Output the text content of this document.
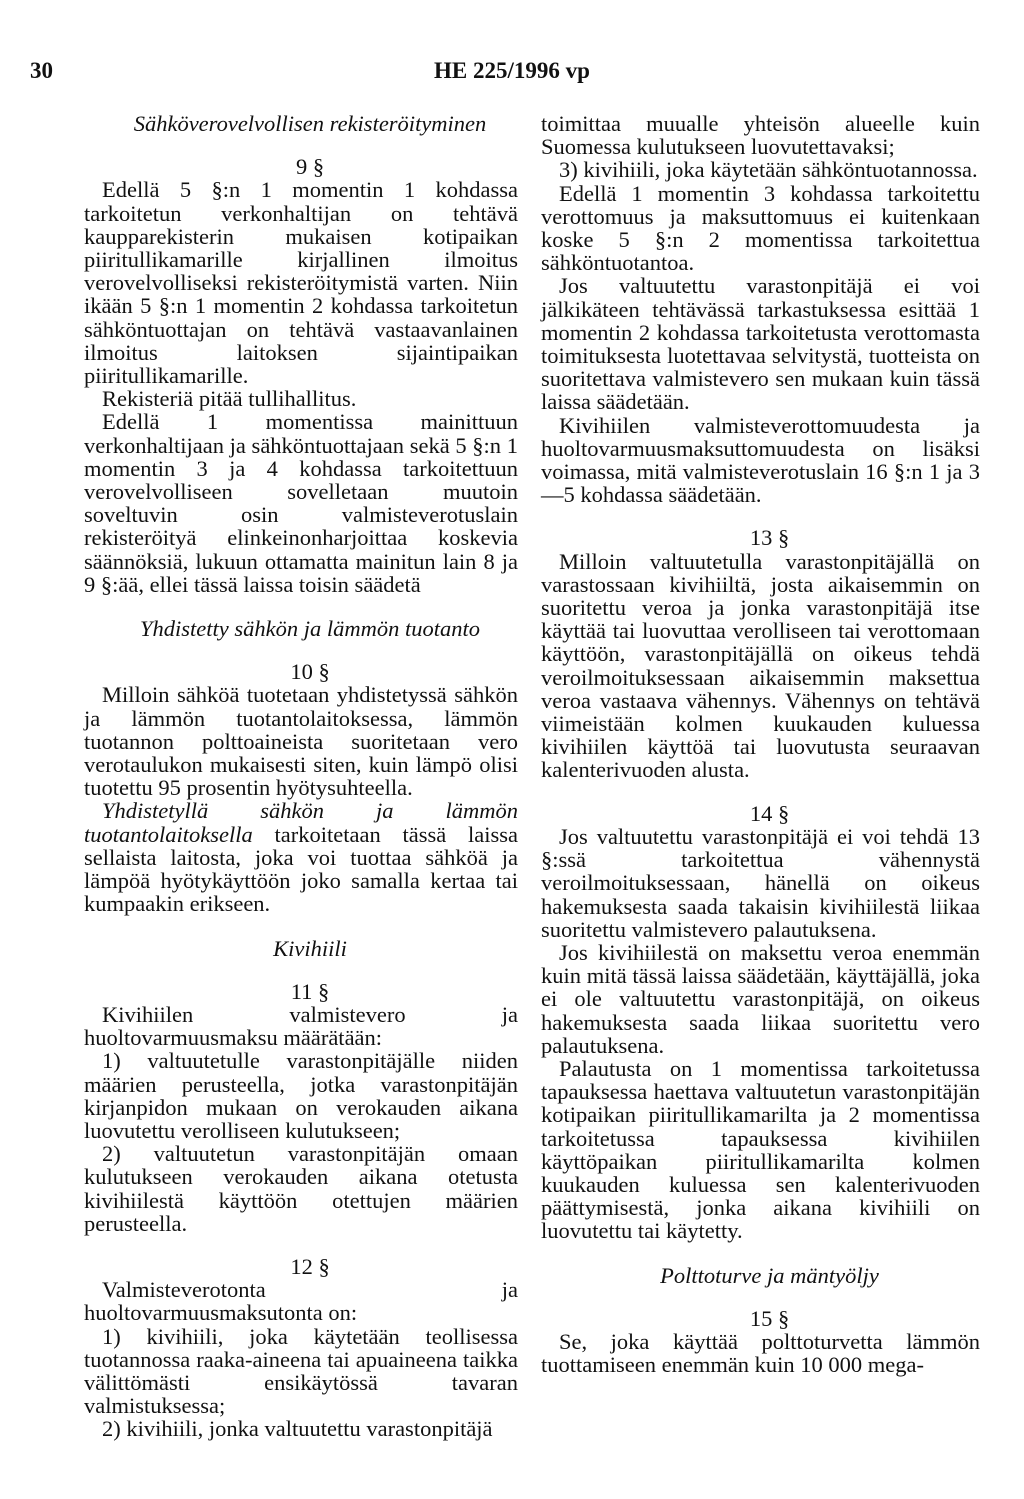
30	HE 225/1996 vp

Sähköverovelvollisen rekisteröityminen

9 §

Edellä 5 §:n 1 momentin 1 kohdassa tarkoitetun verkonhaltijan on tehtävä kaupparekisterin mukaisen kotipaikan piiritullikamarille kirjallinen ilmoitus verovelvolliseksi rekisteröitymistä varten. Niin ikään 5 §:n 1 momentin 2 kohdassa tarkoitetun sähköntuottajan on tehtävä vastaavanlainen ilmoitus laitoksen sijaintipaikan piiritullikamarille.

Rekisteriä pitää tullihallitus.

Edellä 1 momentissa mainittuun verkonhaltijaan ja sähköntuottajaan sekä 5 §:n 1 momentin 3 ja 4 kohdassa tarkoitettuun verovelvolliseen sovelletaan muutoin soveltuvin osin valmisteverotuslain rekisteröityä elinkeinonharjoittaa koskevia säännöksiä, lukuun ottamatta mainitun lain 8 ja 9 §:ää, ellei tässä laissa toisin säädetä

Yhdistetty sähkön ja lämmön tuotanto

10 §

Milloin sähköä tuotetaan yhdistetyssä sähkön ja lämmön tuotantolaitoksessa, lämmön tuotannon polttoaineista suoritetaan vero verotaulukon mukaisesti siten, kuin lämpö olisi tuotettu 95 prosentin hyötysuhteella.

Yhdistetyllä sähkön ja lämmön tuotantolaitoksella tarkoitetaan tässä laissa sellaista laitosta, joka voi tuottaa sähköä ja lämpöä hyötykäyttöön joko samalla kertaa tai kumpaakin erikseen.

Kivihiili

11 §

Kivihiilen valmistevero ja huoltovarmuusmaksu määrätään:

1) valtuutetulle varastonpitäjälle niiden määrien perusteella, jotka varastonpitäjän kirjanpidon mukaan on verokauden aikana luovutettu verolliseen kulutukseen;

2) valtuutetun varastonpitäjän omaan kulutukseen verokauden aikana otetusta kivihiilestä käyttöön otettujen määrien perusteella.

12 §

Valmisteverotonta ja huoltovarmuusmaksutonta on:

1) kivihiili, joka käytetään teollisessa tuotannossa raaka-aineena tai apuaineena taikka välittömästi ensikäytössä tavaran valmistuksessa;

2) kivihiili, jonka valtuutettu varastonpitäjä

toimittaa muualle yhteisön alueelle kuin Suomessa kulutukseen luovutettavaksi;

3) kivihiili, joka käytetään sähköntuotannossa.

Edellä 1 momentin 3 kohdassa tarkoitettu verottomuus ja maksuttomuus ei kuitenkaan koske 5 §:n 2 momentissa tarkoitettua sähköntuotantoa.

Jos valtuutettu varastonpitäjä ei voi jälkikäteen tehtävässä tarkastuksessa esittää 1 momentin 2 kohdassa tarkoitetusta verottomasta toimituksesta luotettavaa selvitystä, tuotteista on suoritettava valmistevero sen mukaan kuin tässä laissa säädetään.

Kivihiilen valmisteverottomuudesta ja huoltovarmuusmaksuttomuudesta on lisäksi voimassa, mitä valmisteverotuslain 16 §:n 1 ja 3—5 kohdassa säädetään.

13 §

Milloin valtuutetulla varastonpitäjällä on varastossaan kivihiiltä, josta aikaisemmin on suoritettu veroa ja jonka varastonpitäjä itse käyttää tai luovuttaa verolliseen tai verottomaan käyttöön, varastonpitäjällä on oikeus tehdä veroilmoituksessaan aikaisemmin maksettua veroa vastaava vähennys. Vähennys on tehtävä viimeistään kolmen kuukauden kuluessa kivihiilen käyttöä tai luovutusta seuraavan kalenterivuoden alusta.

14 §

Jos valtuutettu varastonpitäjä ei voi tehdä 13 §:ssä tarkoitettua vähennystä veroilmoituksessaan, hänellä on oikeus hakemuksesta saada takaisin kivihiilestä liikaa suoritettu valmistevero palautuksena.

Jos kivihiilestä on maksettu veroa enemmän kuin mitä tässä laissa säädetään, käyttäjällä, joka ei ole valtuutettu varastonpitäjä, on oikeus hakemuksesta saada liikaa suoritettu vero palautuksena.

Palautusta on 1 momentissa tarkoitetussa tapauksessa haettava valtuutetun varastonpitäjän kotipaikan piiritullikamarilta ja 2 momentissa tarkoitetussa tapauksessa kivihiilen käyttöpaikan piiritullikamarilta kolmen kuukauden kuluessa sen kalenterivuoden päättymisestä, jonka aikana kivihiili on luovutettu tai käytetty.

Polttoturve ja mäntyöljy

15 §

Se, joka käyttää polttoturvetta lämmön tuottamiseen enemmän kuin 10 000 mega-
